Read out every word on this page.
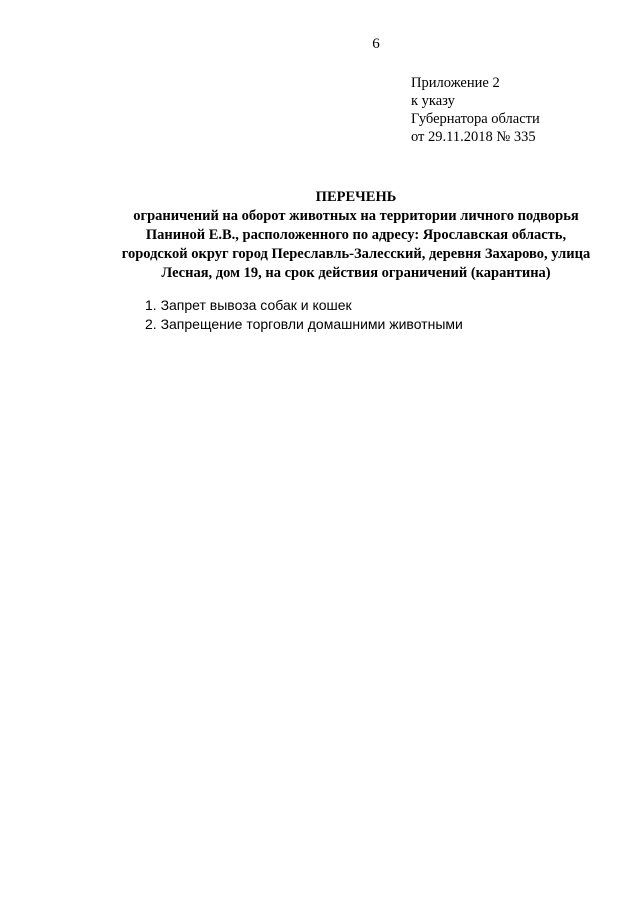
6
Приложение 2
к указу
Губернатора области
от 29.11.2018 № 335
ПЕРЕЧЕНЬ
ограничений на оборот животных на территории личного подворья
Паниной Е.В., расположенного по адресу: Ярославская область,
городской округ город Переславль-Залесский, деревня Захарово, улица
Лесная, дом 19, на срок действия ограничений (карантина)
1. Запрет вывоза собак и кошек
2. Запрещение торговли домашними животными
